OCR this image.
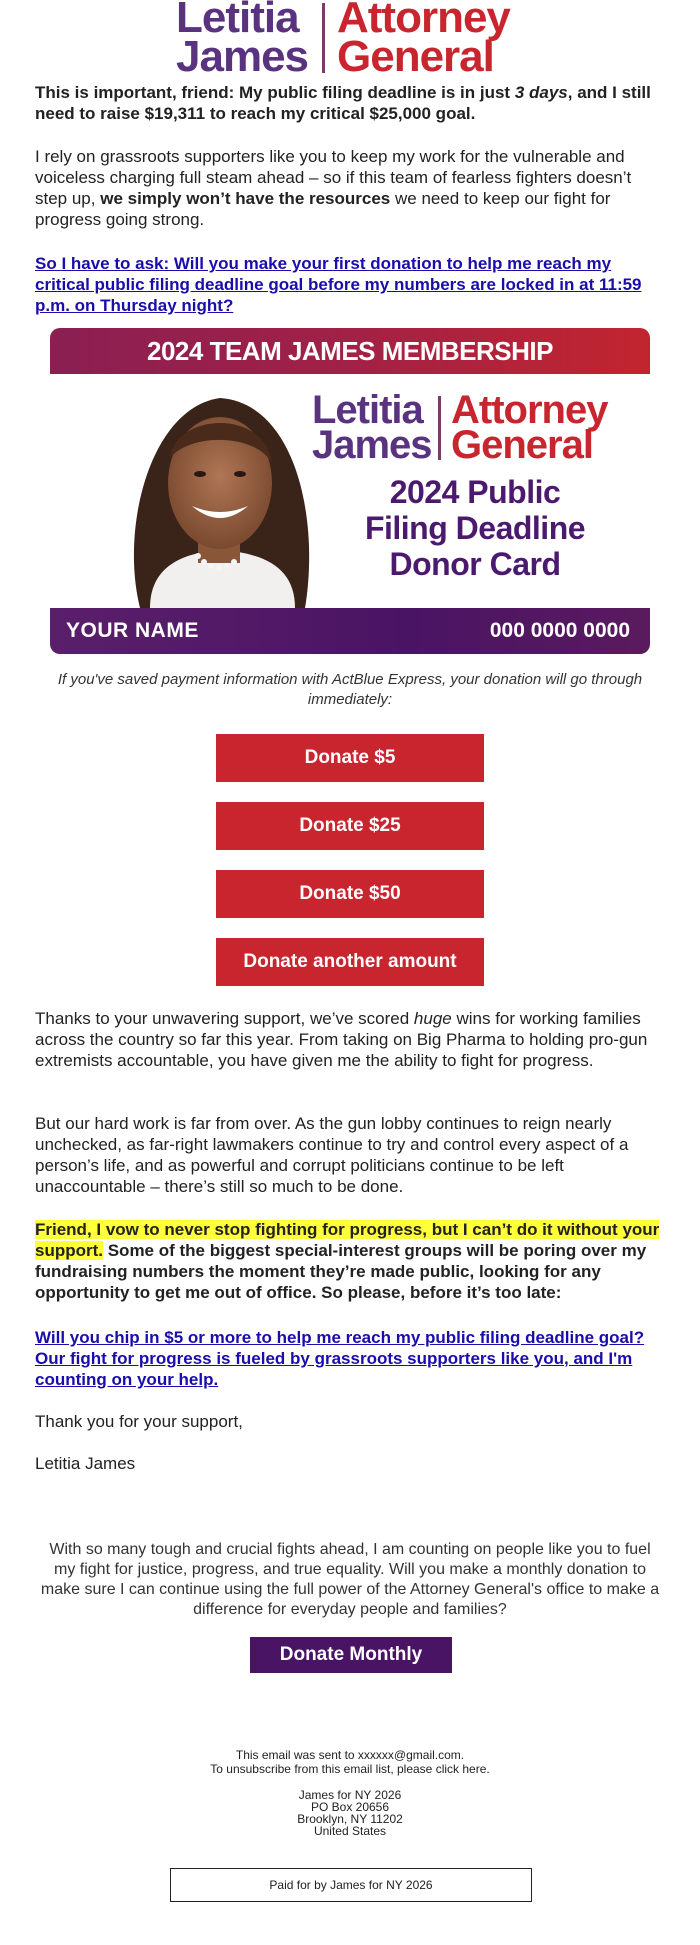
Letitia
James
Attorney
General
This is important, friend: My public filing deadline is in just 3 days, and I still need to raise $19,311 to reach my critical $25,000 goal.
I rely on grassroots supporters like you to keep my work for the vulnerable and voiceless charging full steam ahead – so if this team of fearless fighters doesn’t step up, we simply won’t have the resources we need to keep our fight for progress going strong.
So I have to ask: Will you make your first donation to help me reach my critical public filing deadline goal before my numbers are locked in at 11:59 p.m. on Thursday night?
2024 TEAM JAMES MEMBERSHIP
Letitia
James
Attorney
General
2024 Public
Filing Deadline
Donor Card
YOUR NAME	000 0000 0000
If you've saved payment information with ActBlue Express, your donation will go through immediately:
Donate $5
Donate $25
Donate $50
Donate another amount
Thanks to your unwavering support, we’ve scored huge wins for working families across the country so far this year. From taking on Big Pharma to holding pro-gun extremists accountable, you have given me the ability to fight for progress.
But our hard work is far from over. As the gun lobby continues to reign nearly unchecked, as far-right lawmakers continue to try and control every aspect of a person’s life, and as powerful and corrupt politicians continue to be left unaccountable – there’s still so much to be done.
Friend, I vow to never stop fighting for progress, but I can’t do it without your support. Some of the biggest special-interest groups will be poring over my fundraising numbers the moment they’re made public, looking for any opportunity to get me out of office. So please, before it’s too late:
Will you chip in $5 or more to help me reach my public filing deadline goal? Our fight for progress is fueled by grassroots supporters like you, and I'm counting on your help.
Thank you for your support,
Letitia James
With so many tough and crucial fights ahead, I am counting on people like you to fuel my fight for justice, progress, and true equality. Will you make a monthly donation to make sure I can continue using the full power of the Attorney General's office to make a difference for everyday people and families?
Donate Monthly
This email was sent to xxxxxx@gmail.com.
To unsubscribe from this email list, please click here.
James for NY 2026
PO Box 20656
Brooklyn, NY 11202
United States
Paid for by James for NY 2026
